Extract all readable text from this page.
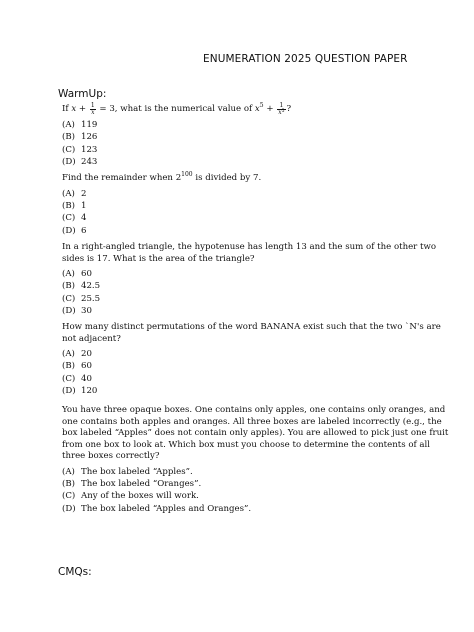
ENUMERATION 2025 QUESTION PAPER
WarmUp:
If $x + \frac{1}{x} = 3$, what is the numerical value of $x^5 + \frac{1}{x^5}$ ?
(A) 119
(B) 126
(C) 123
(D) 243
Find the remainder when $2^{100}$ is divided by 7.
(A) 2
(B) 1
(C) 4
(D) 6
In a right-angled triangle, the hypotenuse has length 13 and the sum of the other two sides is 17. What is the area of the triangle?
(A) 60
(B) 42.5
(C) 25.5
(D) 30
How many distinct permutations of the word BANANA exist such that the two `N's are not adjacent?
(A) 20
(B) 60
(C) 40
(D) 120
You have three opaque boxes. One contains only apples, one contains only oranges, and one contains both apples and oranges. All three boxes are labeled incorrectly (e.g., the box labeled “Apples” does not contain only apples). You are allowed to pick just one fruit from one box to look at. Which box must you choose to determine the contents of all three boxes correctly?
(A) The box labeled “Apples”.
(B) The box labeled “Oranges”.
(C) Any of the boxes will work.
(D) The box labeled “Apples and Oranges”.
CMQs:
